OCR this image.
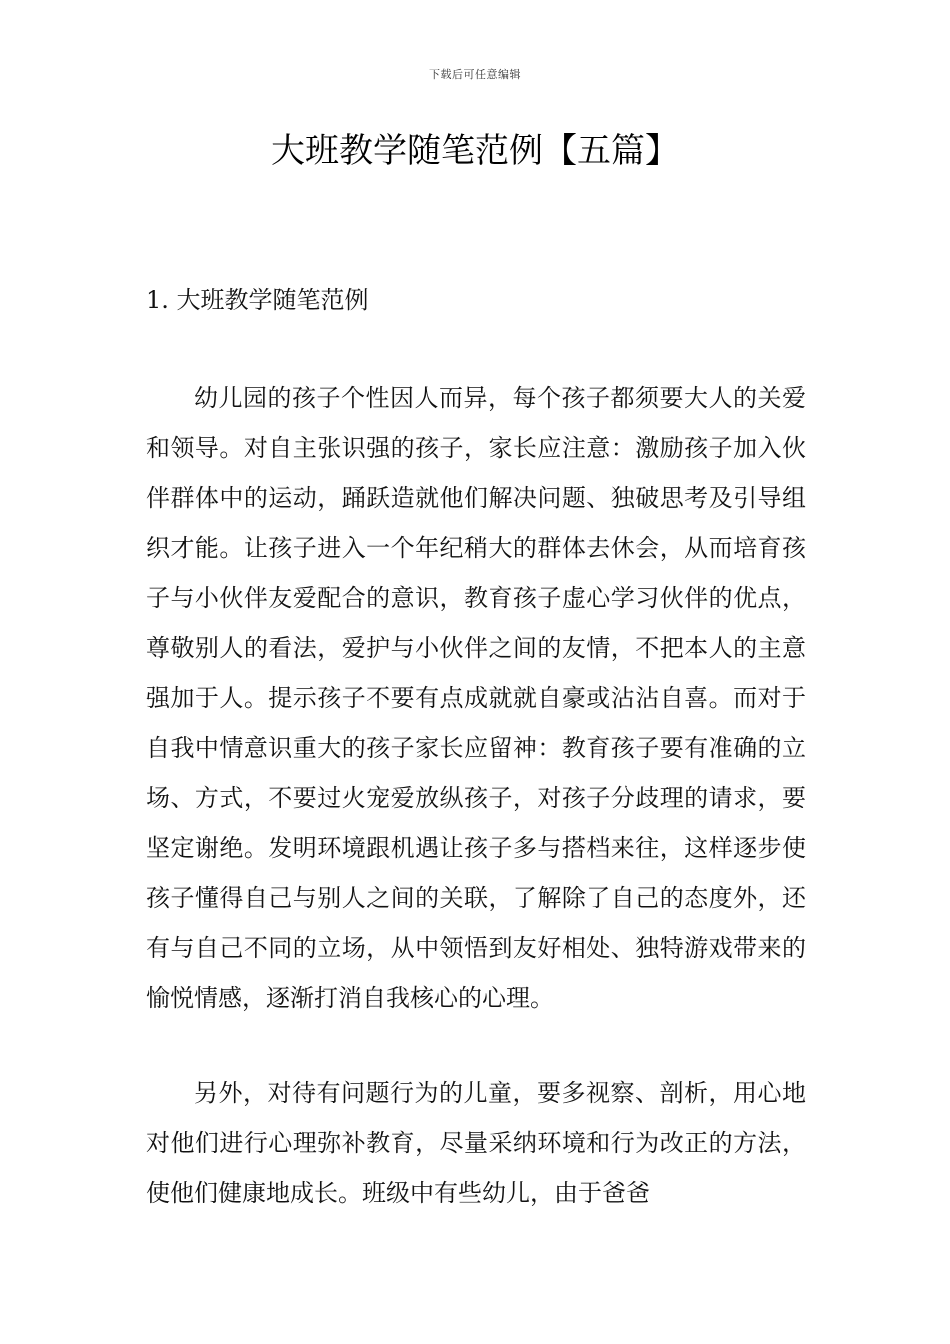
下载后可任意编辑
大班教学随笔范例【五篇】
1. 大班教学随笔范例

幼儿园的孩子个性因人而异，每个孩子都须要大人的关爱和领导。对自主张识强的孩子，家长应注意：激励孩子加入伙伴群体中的运动，踊跃造就他们解决问题、独破思考及引导组织才能。让孩子进入一个年纪稍大的群体去休会，从而培育孩子与小伙伴友爱配合的意识，教育孩子虚心学习伙伴的优点，尊敬别人的看法，爱护与小伙伴之间的友情，不把本人的主意强加于人。提示孩子不要有点成就就自豪或沾沾自喜。而对于自我中情意识重大的孩子家长应留神：教育孩子要有准确的立场、方式，不要过火宠爱放纵孩子，对孩子分歧理的请求，要坚定谢绝。发明环境跟机遇让孩子多与搭档来往，这样逐步使孩子懂得自己与别人之间的关联，了解除了自己的态度外，还有与自己不同的立场，从中领悟到友好相处、独特游戏带来的愉悦情感，逐渐打消自我核心的心理。

另外，对待有问题行为的儿童，要多视察、剖析，用心地对他们进行心理弥补教育，尽量采纳环境和行为改正的方法，使他们健康地成长。班级中有些幼儿，由于爸爸
